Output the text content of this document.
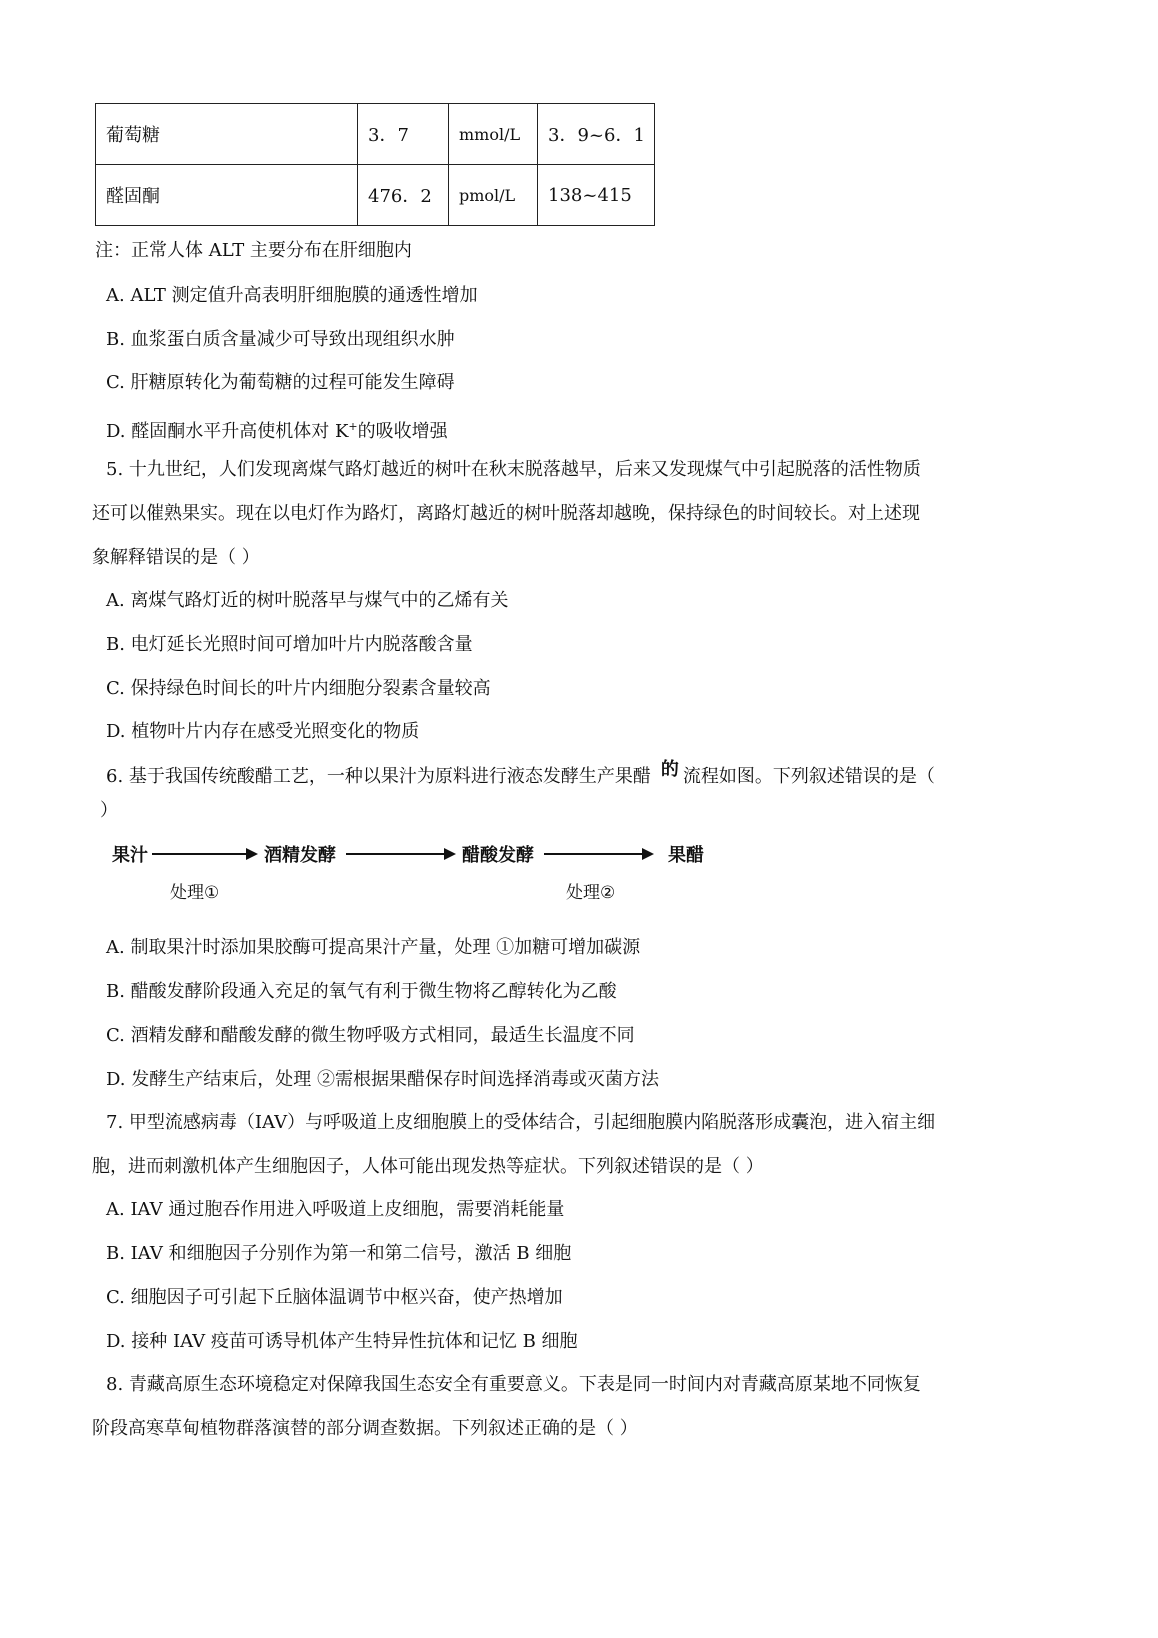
葡萄糖	3．7	mmol/L	3．9~6．1
醛固酮	476．2	pmol/L	138~415
注：正常人体 ALT 主要分布在肝细胞内
A. ALT 测定值升高表明肝细胞膜的通透性增加
B. 血浆蛋白质含量减少可导致出现组织水肿
C. 肝糖原转化为葡萄糖的过程可能发生障碍
D. 醛固酮水平升高使机体对 K+的吸收增强
5. 十九世纪，人们发现离煤气路灯越近的树叶在秋末脱落越早，后来又发现煤气中引起脱落的活性物质
还可以催熟果实。现在以电灯作为路灯，离路灯越近的树叶脱落却越晚，保持绿色的时间较长。对上述现
象解释错误的是（ ）
A. 离煤气路灯近的树叶脱落早与煤气中的乙烯有关
B. 电灯延长光照时间可增加叶片内脱落酸含量
C. 保持绿色时间长的叶片内细胞分裂素含量较高
D. 植物叶片内存在感受光照变化的物质
6. 基于我国传统酸醋工艺，一种以果汁为原料进行液态发酵生产果醋 的 流程如图。下列叙述错误的是（
）
果汁	酒精发酵	醋酸发酵	果醋
处理①	处理②
A. 制取果汁时添加果胶酶可提高果汁产量，处理 ①加糖可增加碳源
B. 醋酸发酵阶段通入充足的氧气有利于微生物将乙醇转化为乙酸
C. 酒精发酵和醋酸发酵的微生物呼吸方式相同，最适生长温度不同
D. 发酵生产结束后，处理 ②需根据果醋保存时间选择消毒或灭菌方法
7. 甲型流感病毒（IAV）与呼吸道上皮细胞膜上的受体结合，引起细胞膜内陷脱落形成囊泡，进入宿主细
胞，进而刺激机体产生细胞因子，人体可能出现发热等症状。下列叙述错误的是（ ）
A. IAV 通过胞吞作用进入呼吸道上皮细胞，需要消耗能量
B. IAV 和细胞因子分别作为第一和第二信号，激活 B 细胞
C. 细胞因子可引起下丘脑体温调节中枢兴奋，使产热增加
D. 接种 IAV 疫苗可诱导机体产生特异性抗体和记忆 B 细胞
8. 青藏高原生态环境稳定对保障我国生态安全有重要意义。下表是同一时间内对青藏高原某地不同恢复
阶段高寒草甸植物群落演替的部分调查数据。下列叙述正确的是（ ）
